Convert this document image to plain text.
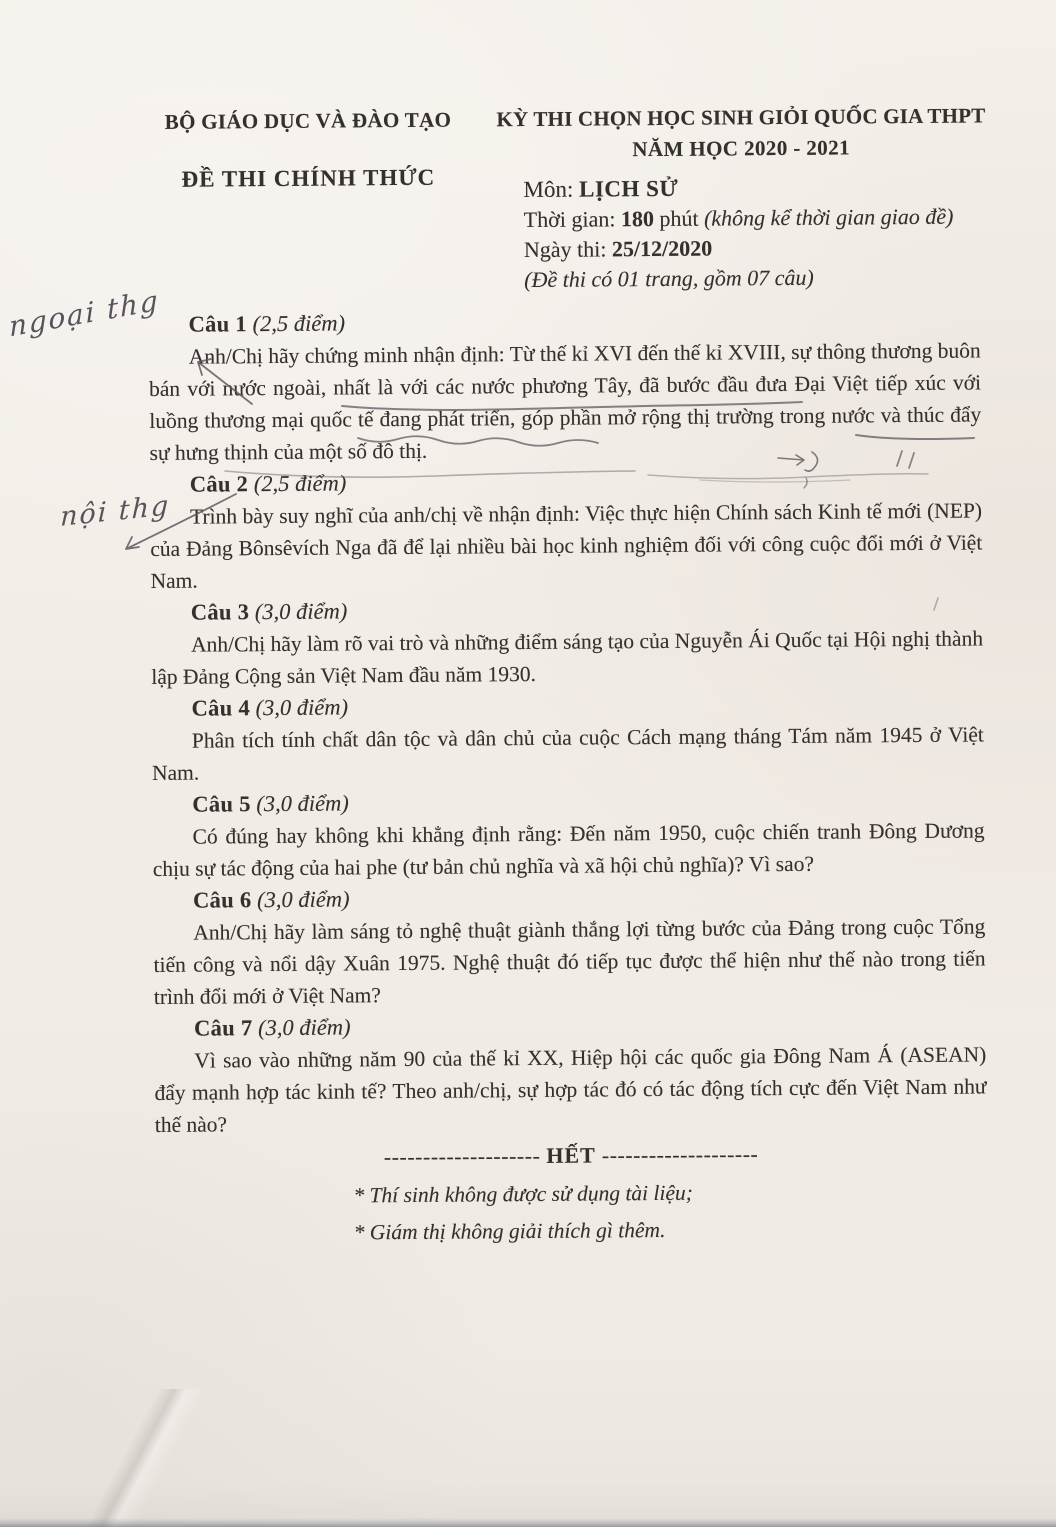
BỘ GIÁO DỤC VÀ ĐÀO TẠO
ĐỀ THI CHÍNH THỨC
KỲ THI CHỌN HỌC SINH GIỎI QUỐC GIA THPT
NĂM HỌC 2020 - 2021
Môn: LỊCH SỬ
Thời gian: 180 phút (không kể thời gian giao đề)
Ngày thi: 25/12/2020
(Đề thi có 01 trang, gồm 07 câu)
Câu 1 (2,5 điểm)

Anh/Chị hãy chứng minh nhận định: Từ thế kỉ XVI đến thế kỉ XVIII, sự thông thương buôn bán với nước ngoài, nhất là với các nước phương Tây, đã bước đầu đưa Đại Việt tiếp xúc với luồng thương mại quốc tế đang phát triển, góp phần mở rộng thị trường trong nước và thúc đẩy sự hưng thịnh của một số đô thị.

Câu 2 (2,5 điểm)

Trình bày suy nghĩ của anh/chị về nhận định: Việc thực hiện Chính sách Kinh tế mới (NEP) của Đảng Bônsêvích Nga đã để lại nhiều bài học kinh nghiệm đối với công cuộc đổi mới ở Việt Nam.

Câu 3 (3,0 điểm)

Anh/Chị hãy làm rõ vai trò và những điểm sáng tạo của Nguyễn Ái Quốc tại Hội nghị thành lập Đảng Cộng sản Việt Nam đầu năm 1930.

Câu 4 (3,0 điểm)

Phân tích tính chất dân tộc và dân chủ của cuộc Cách mạng tháng Tám năm 1945 ở Việt Nam.

Câu 5 (3,0 điểm)

Có đúng hay không khi khẳng định rằng: Đến năm 1950, cuộc chiến tranh Đông Dương chịu sự tác động của hai phe (tư bản chủ nghĩa và xã hội chủ nghĩa)? Vì sao?

Câu 6 (3,0 điểm)

Anh/Chị hãy làm sáng tỏ nghệ thuật giành thắng lợi từng bước của Đảng trong cuộc Tổng tiến công và nổi dậy Xuân 1975. Nghệ thuật đó tiếp tục được thể hiện như thế nào trong tiến trình đổi mới ở Việt Nam?

Câu 7 (3,0 điểm)

Vì sao vào những năm 90 của thế kỉ XX, Hiệp hội các quốc gia Đông Nam Á (ASEAN) đẩy mạnh hợp tác kinh tế? Theo anh/chị, sự hợp tác đó có tác động tích cực đến Việt Nam như thế nào?

-------------------- HẾT --------------------
* Thí sinh không được sử dụng tài liệu;
* Giám thị không giải thích gì thêm.
ngoại thg
nội thg
